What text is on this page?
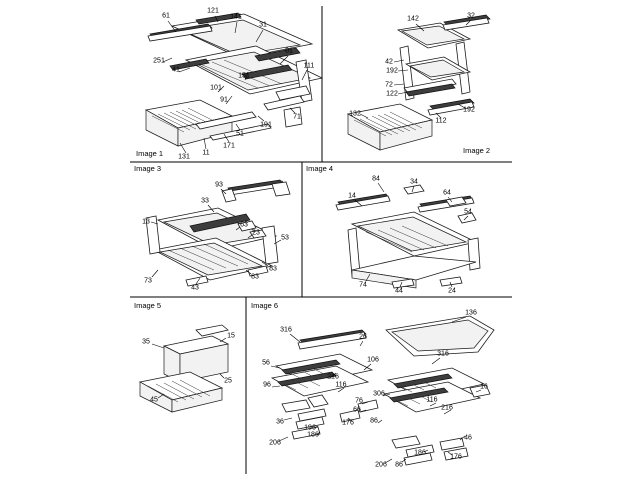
Image 1	Image 2
Image 3	Image 4
Image 5	Image 6
61
121
141
31
81
251
41
151
111
101
91
71
191
51
171
11
131
142	32
42
192
72
122
192
132
112
93
33
13	63
23
53
83
83
73
43
84	34
14	64
54
74
44	24
15
35
25
45
316
26
136
316
56	106
216
16
96	116
306
76	116
216
66
36	176 86
46
196
186
206
186
176
206 86
